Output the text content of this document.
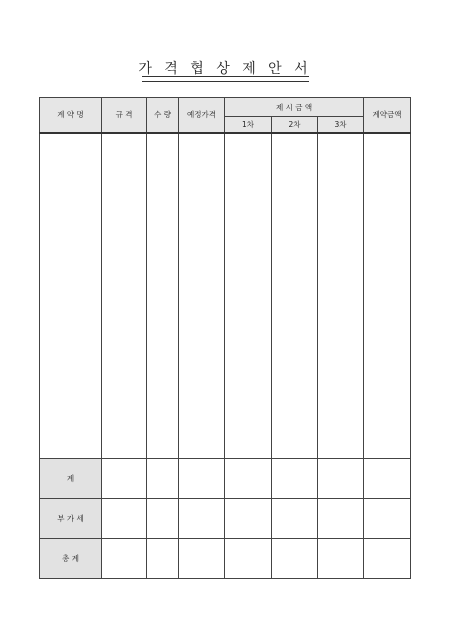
가 격 협 상 제 안 서
계 약 명	규 격	수 량	예정가격	제 시 금 액			계약금액
				1차	2차	3차	

계							
부 가 세							
총 계							
